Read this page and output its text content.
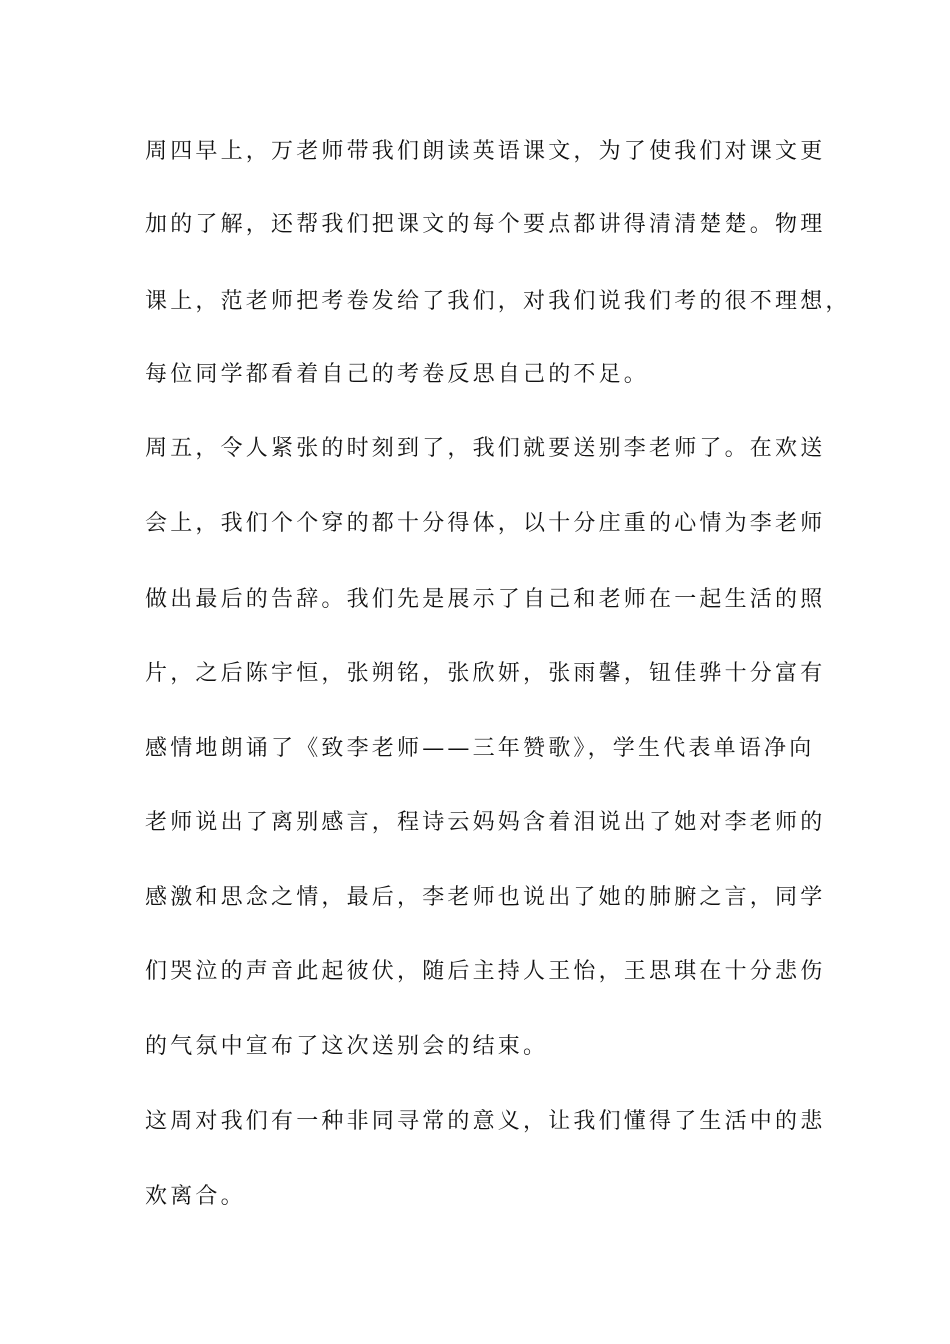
周四早上，万老师带我们朗读英语课文，为了使我们对课文更
加的了解，还帮我们把课文的每个要点都讲得清清楚楚。物理
课上，范老师把考卷发给了我们，对我们说我们考的很不理想，
每位同学都看着自己的考卷反思自己的不足。
周五，令人紧张的时刻到了，我们就要送别李老师了。在欢送
会上，我们个个穿的都十分得体，以十分庄重的心情为李老师
做出最后的告辞。我们先是展示了自己和老师在一起生活的照
片，之后陈宇恒，张朔铭，张欣妍，张雨馨，钮佳骅十分富有
感情地朗诵了《致李老师——三年赞歌》，学生代表单语净向
老师说出了离别感言，程诗云妈妈含着泪说出了她对李老师的
感激和思念之情，最后，李老师也说出了她的肺腑之言，同学
们哭泣的声音此起彼伏，随后主持人王怡，王思琪在十分悲伤
的气氛中宣布了这次送别会的结束。
这周对我们有一种非同寻常的意义，让我们懂得了生活中的悲
欢离合。
